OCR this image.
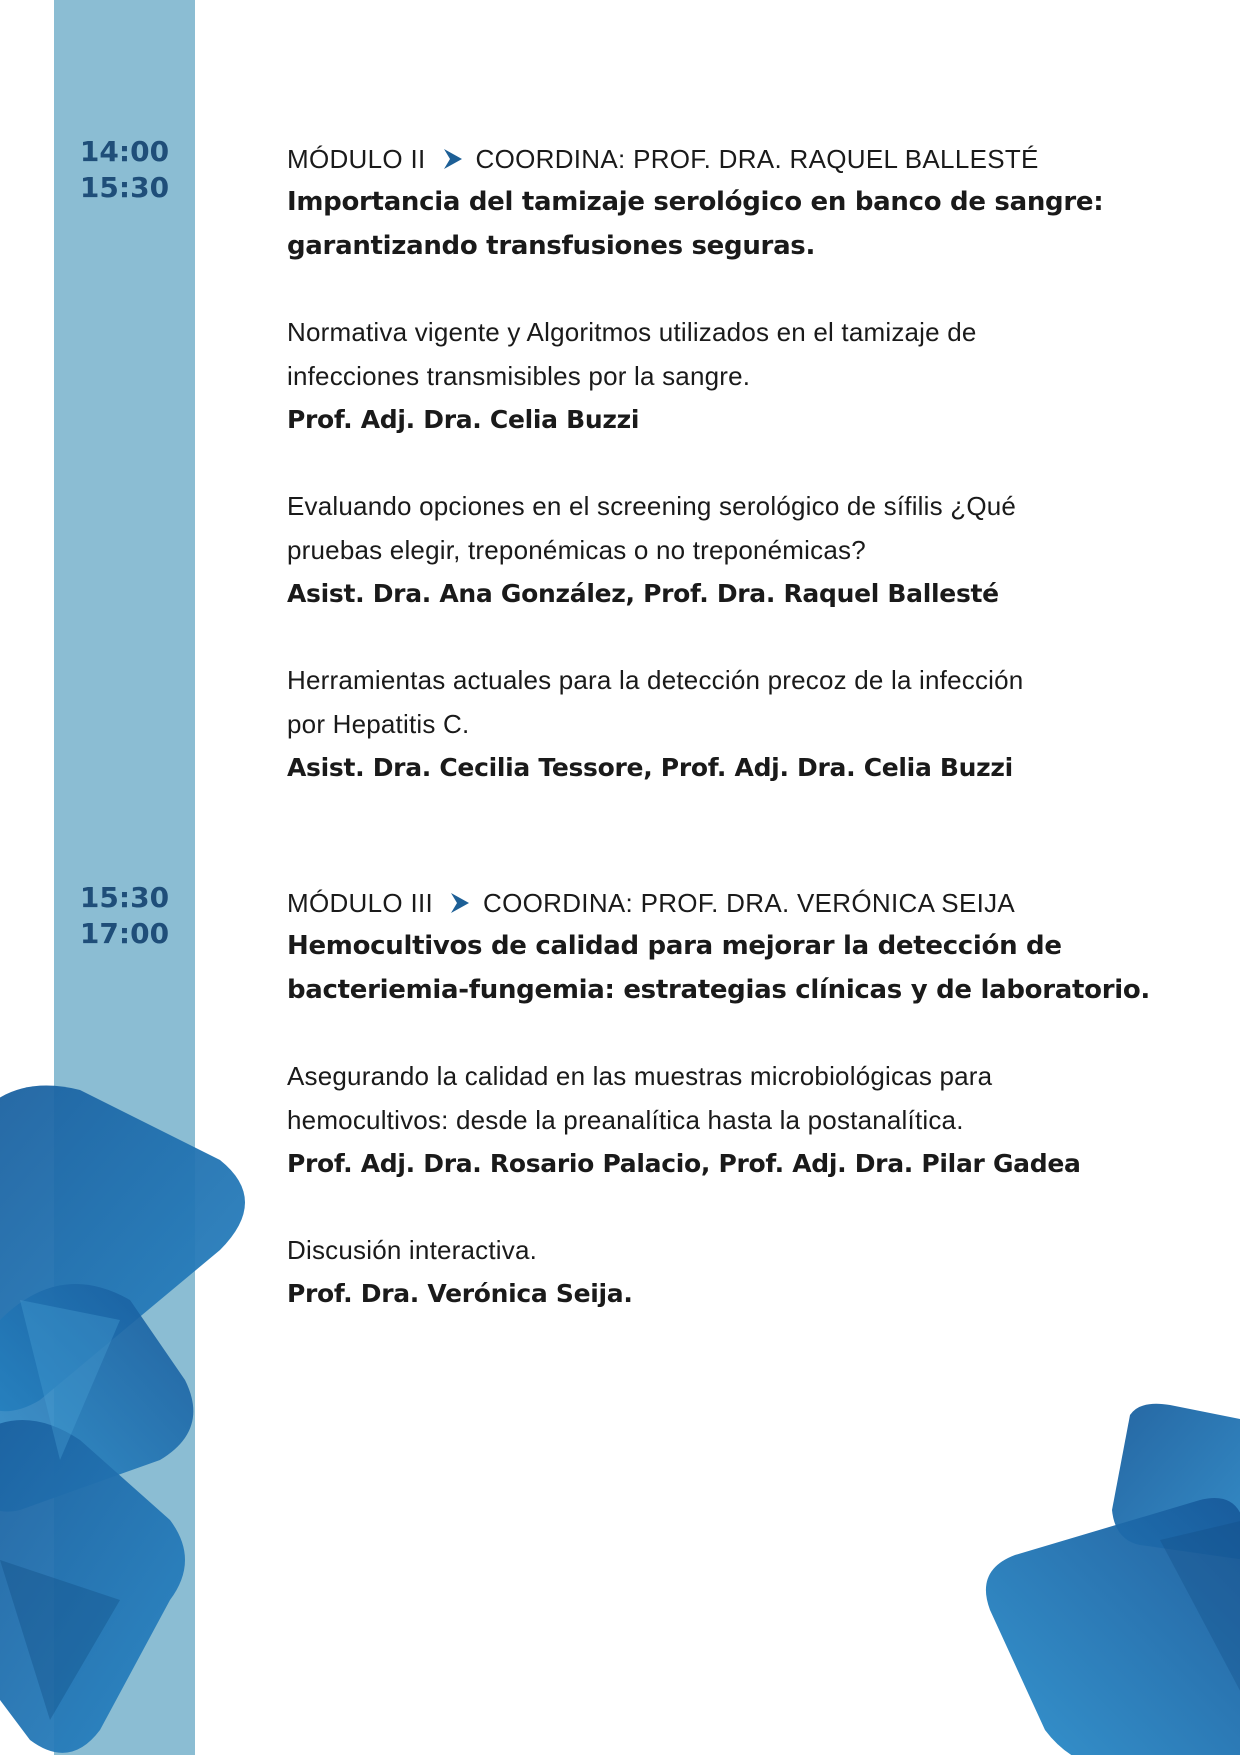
14:00
15:30
MÓDULO II COORDINA: PROF. DRA. RAQUEL BALLESTÉ
Importancia del tamizaje serológico en banco de sangre:
garantizando transfusiones seguras.
Normativa vigente y Algoritmos utilizados en el tamizaje de
infecciones transmisibles por la sangre.
Prof. Adj. Dra. Celia Buzzi
Evaluando opciones en el screening serológico de sífilis ¿Qué
pruebas elegir, treponémicas o no treponémicas?
Asist. Dra. Ana González, Prof. Dra. Raquel Ballesté
Herramientas actuales para la detección precoz de la infección
por Hepatitis C.
Asist. Dra. Cecilia Tessore, Prof. Adj. Dra. Celia Buzzi
15:30
17:00
MÓDULO III COORDINA: PROF. DRA. VERÓNICA SEIJA
Hemocultivos de calidad para mejorar la detección de
bacteriemia-fungemia: estrategias clínicas y de laboratorio.
Asegurando la calidad en las muestras microbiológicas para
hemocultivos: desde la preanalítica hasta la postanalítica.
Prof. Adj. Dra. Rosario Palacio, Prof. Adj. Dra. Pilar Gadea
Discusión interactiva.
Prof. Dra. Verónica Seija.
